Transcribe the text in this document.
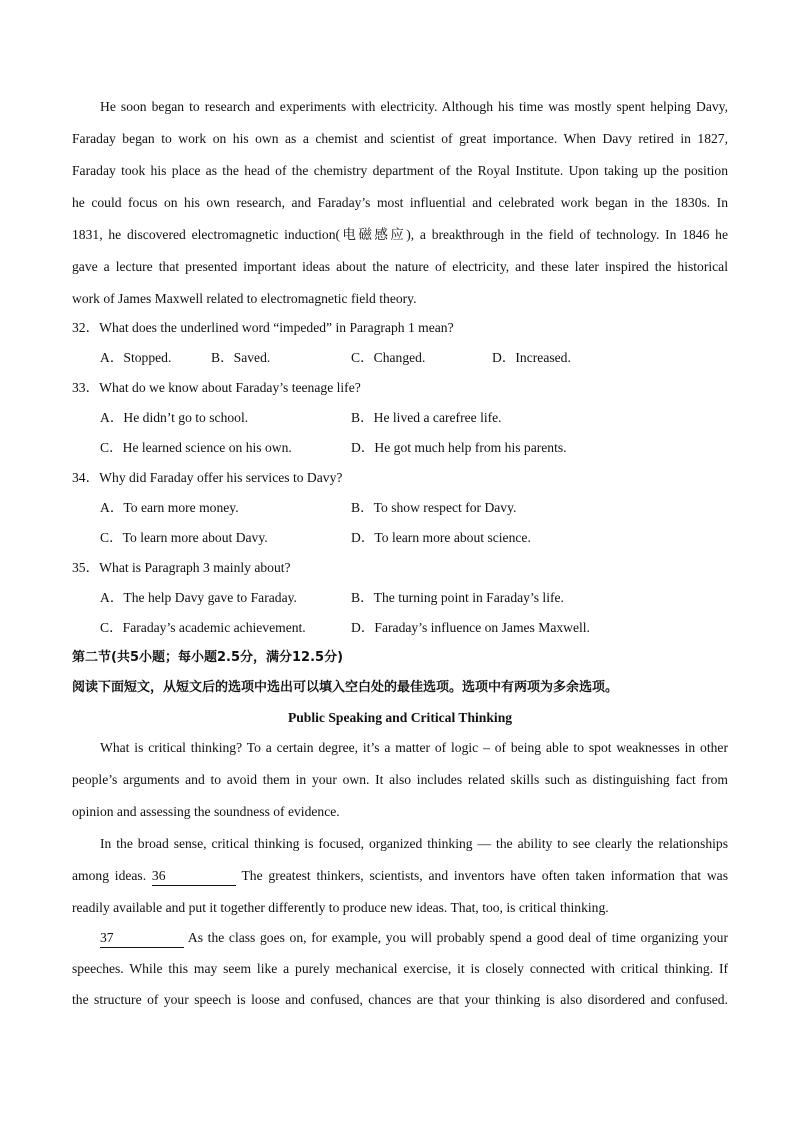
He soon began to research and experiments with electricity. Although his time was mostly spent helping Davy,
Faraday began to work on his own as a chemist and scientist of great importance. When Davy retired in 1827,
Faraday took his place as the head of the chemistry department of the Royal Institute. Upon taking up the position
he could focus on his own research, and Faraday’s most influential and celebrated work began in the 1830s. In
1831, he discovered electromagnetic induction(电磁感应), a breakthrough in the field of technology. In 1846 he
gave a lecture that presented important ideas about the nature of electricity, and these later inspired the historical
work of James Maxwell related to electromagnetic field theory.
32．What does the underlined word “impeded” in Paragraph 1 mean?
A．Stopped.	B．Saved.	C．Changed.	D．Increased.
33．What do we know about Faraday’s teenage life?
A．He didn’t go to school.	B．He lived a carefree life.
C．He learned science on his own.	D．He got much help from his parents.
34．Why did Faraday offer his services to Davy?
A．To earn more money.	B．To show respect for Davy.
C．To learn more about Davy.	D．To learn more about science.
35．What is Paragraph 3 mainly about?
A．The help Davy gave to Faraday.	B．The turning point in Faraday’s life.
C．Faraday’s academic achievement.	D．Faraday’s influence on James Maxwell.
第二节(共5小题；每小题2.5分，满分12.5分)
阅读下面短文，从短文后的选项中选出可以填入空白处的最佳选项。选项中有两项为多余选项。
Public Speaking and Critical Thinking
What is critical thinking? To a certain degree, it’s a matter of logic – of being able to spot weaknesses in other
people’s arguments and to avoid them in your own. It also includes related skills such as distinguishing fact from
opinion and assessing the soundness of evidence.
In the broad sense, critical thinking is focused, organized thinking — the ability to see clearly the relationships
among ideas. 36	The greatest thinkers, scientists, and inventors have often taken information that was
readily available and put it together differently to produce new ideas. That, too, is critical thinking.
37	As the class goes on, for example, you will probably spend a good deal of time organizing your
speeches. While this may seem like a purely mechanical exercise, it is closely connected with critical thinking. If
the structure of your speech is loose and confused, chances are that your thinking is also disordered and confused.
